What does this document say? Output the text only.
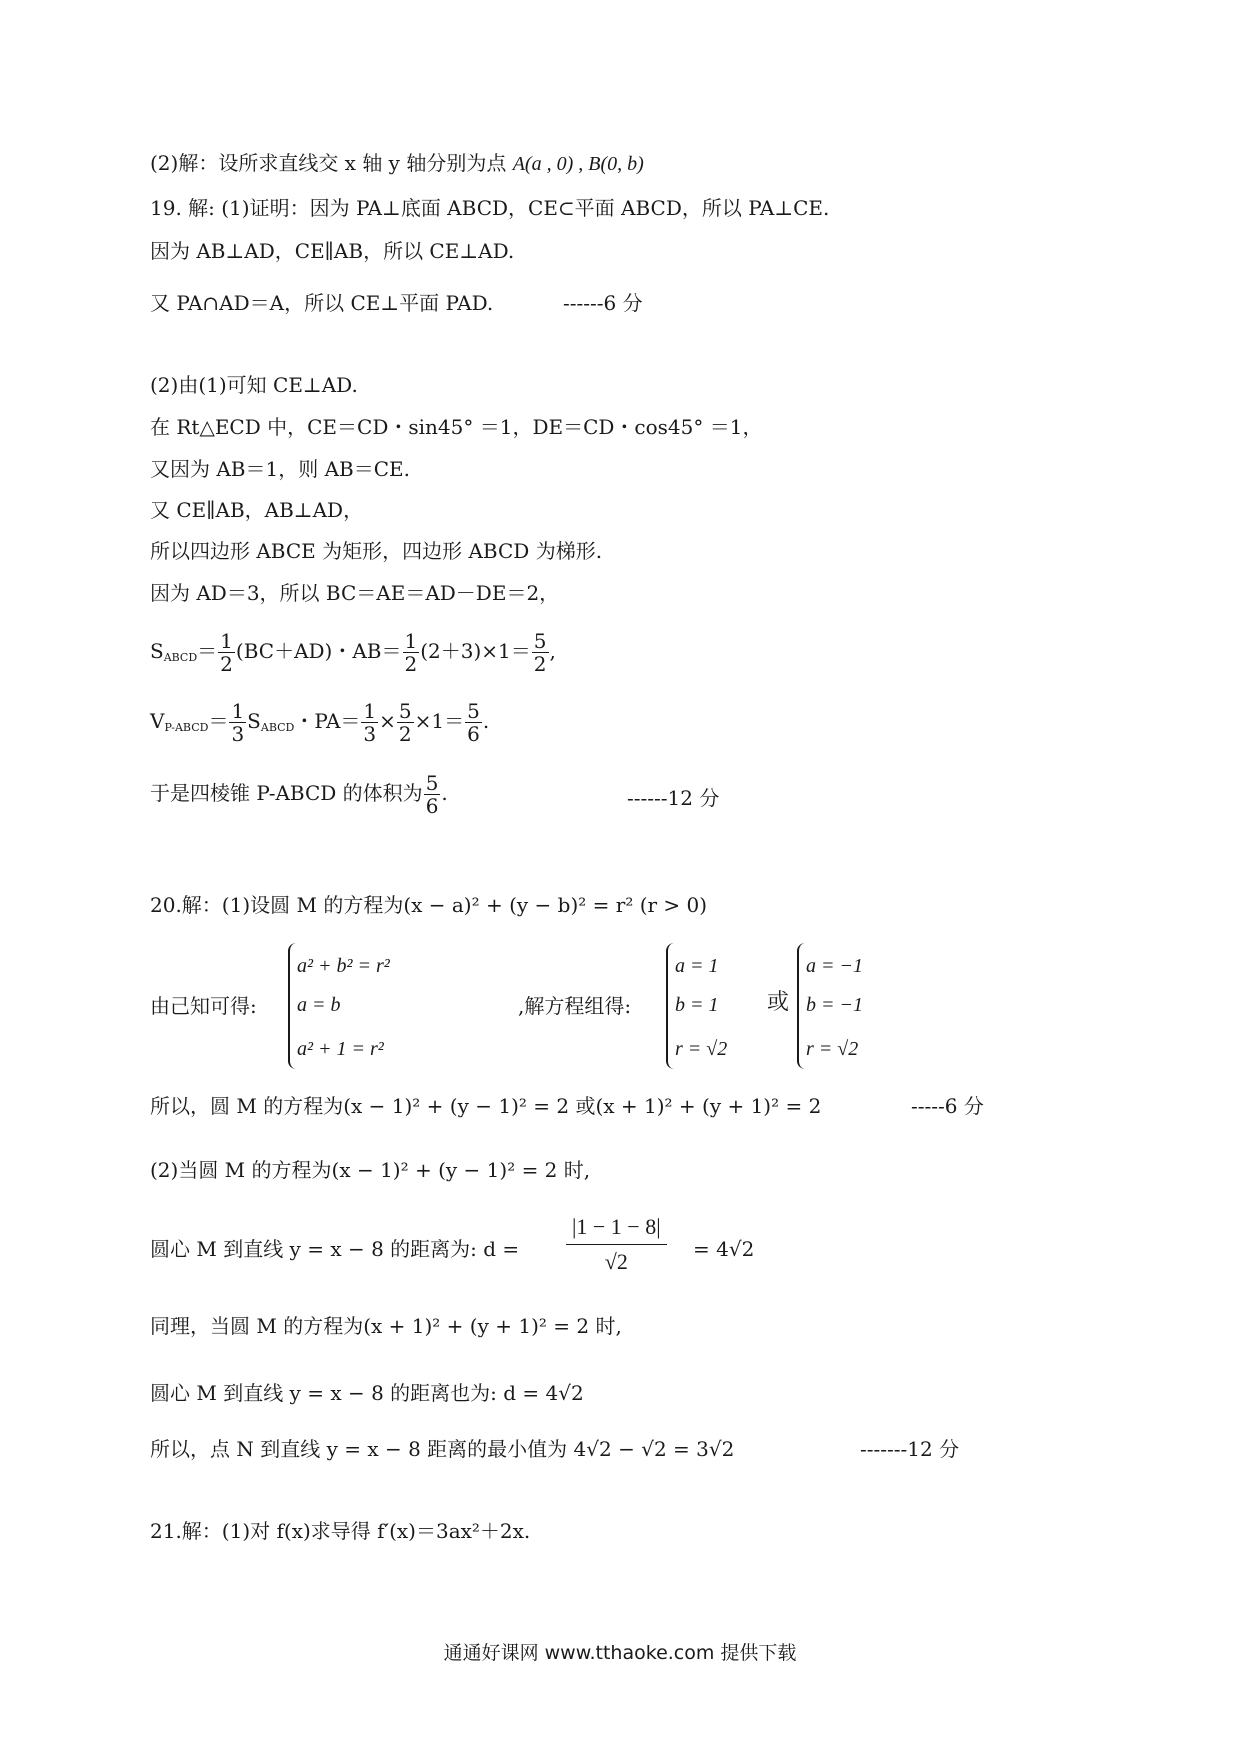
(2)解：设所求直线交 x 轴 y 轴分别为点 A(a , 0) , B(0, b)
19. 解: (1)证明：因为 PA⊥底面 ABCD，CE⊂平面 ABCD，所以 PA⊥CE.
因为 AB⊥AD，CE∥AB，所以 CE⊥AD.
又 PA∩AD＝A，所以 CE⊥平面 PAD.	------6 分
(2)由(1)可知 CE⊥AD.
在 Rt△ECD 中，CE＝CD・sin45° ＝1，DE＝CD・cos45° ＝1，
又因为 AB＝1，则 AB＝CE.
又 CE∥AB，AB⊥AD，
所以四边形 ABCE 为矩形，四边形 ABCD 为梯形.
因为 AD＝3，所以 BC＝AE＝AD－DE＝2，
$S_{ABCD}= \frac{1}{2} (BC+AD)$・$AB= \frac{1}{2} (2+3)\times 1= \frac{5}{2}$ ,
$V_{P-ABCD}= \frac{1}{3} S_{ABCD}$・$PA= \frac{1}{3} \times \frac{5}{2} \times 1= \frac{5}{6}$ .
于是四棱锥 P-ABCD 的体积为 $\frac{5}{6}$ .	------12 分
20.解：(1)设圆 M 的方程为(x − a)² + (y − b)² = r² (r > 0)
由己知可得:
a² + b² = r²
a = b
a² + 1 = r²
,解方程组得:
a = 1
b = 1
r = √2
或
a = −1
b = −1
r = √2
所以，圆 M 的方程为(x − 1)² + (y − 1)² = 2 或(x + 1)² + (y + 1)² = 2	-----6 分
(2)当圆 M 的方程为(x − 1)² + (y − 1)² = 2 时,
圆心 M 到直线 y = x − 8 的距离为: $d = \frac{|1 - 1 - 8|}{√2} = 4√2$
同理，当圆 M 的方程为(x + 1)² + (y + 1)² = 2 时,
圆心 M 到直线 y = x − 8 的距离也为: d = 4√2
所以，点 N 到直线 y = x − 8 距离的最小值为 4√2 − √2 = 3√2	-------12 分
21.解：(1)对 f(x)求导得 f′(x)＝3ax²＋2x.
通通好课网 www.tthaoke.com 提供下载
